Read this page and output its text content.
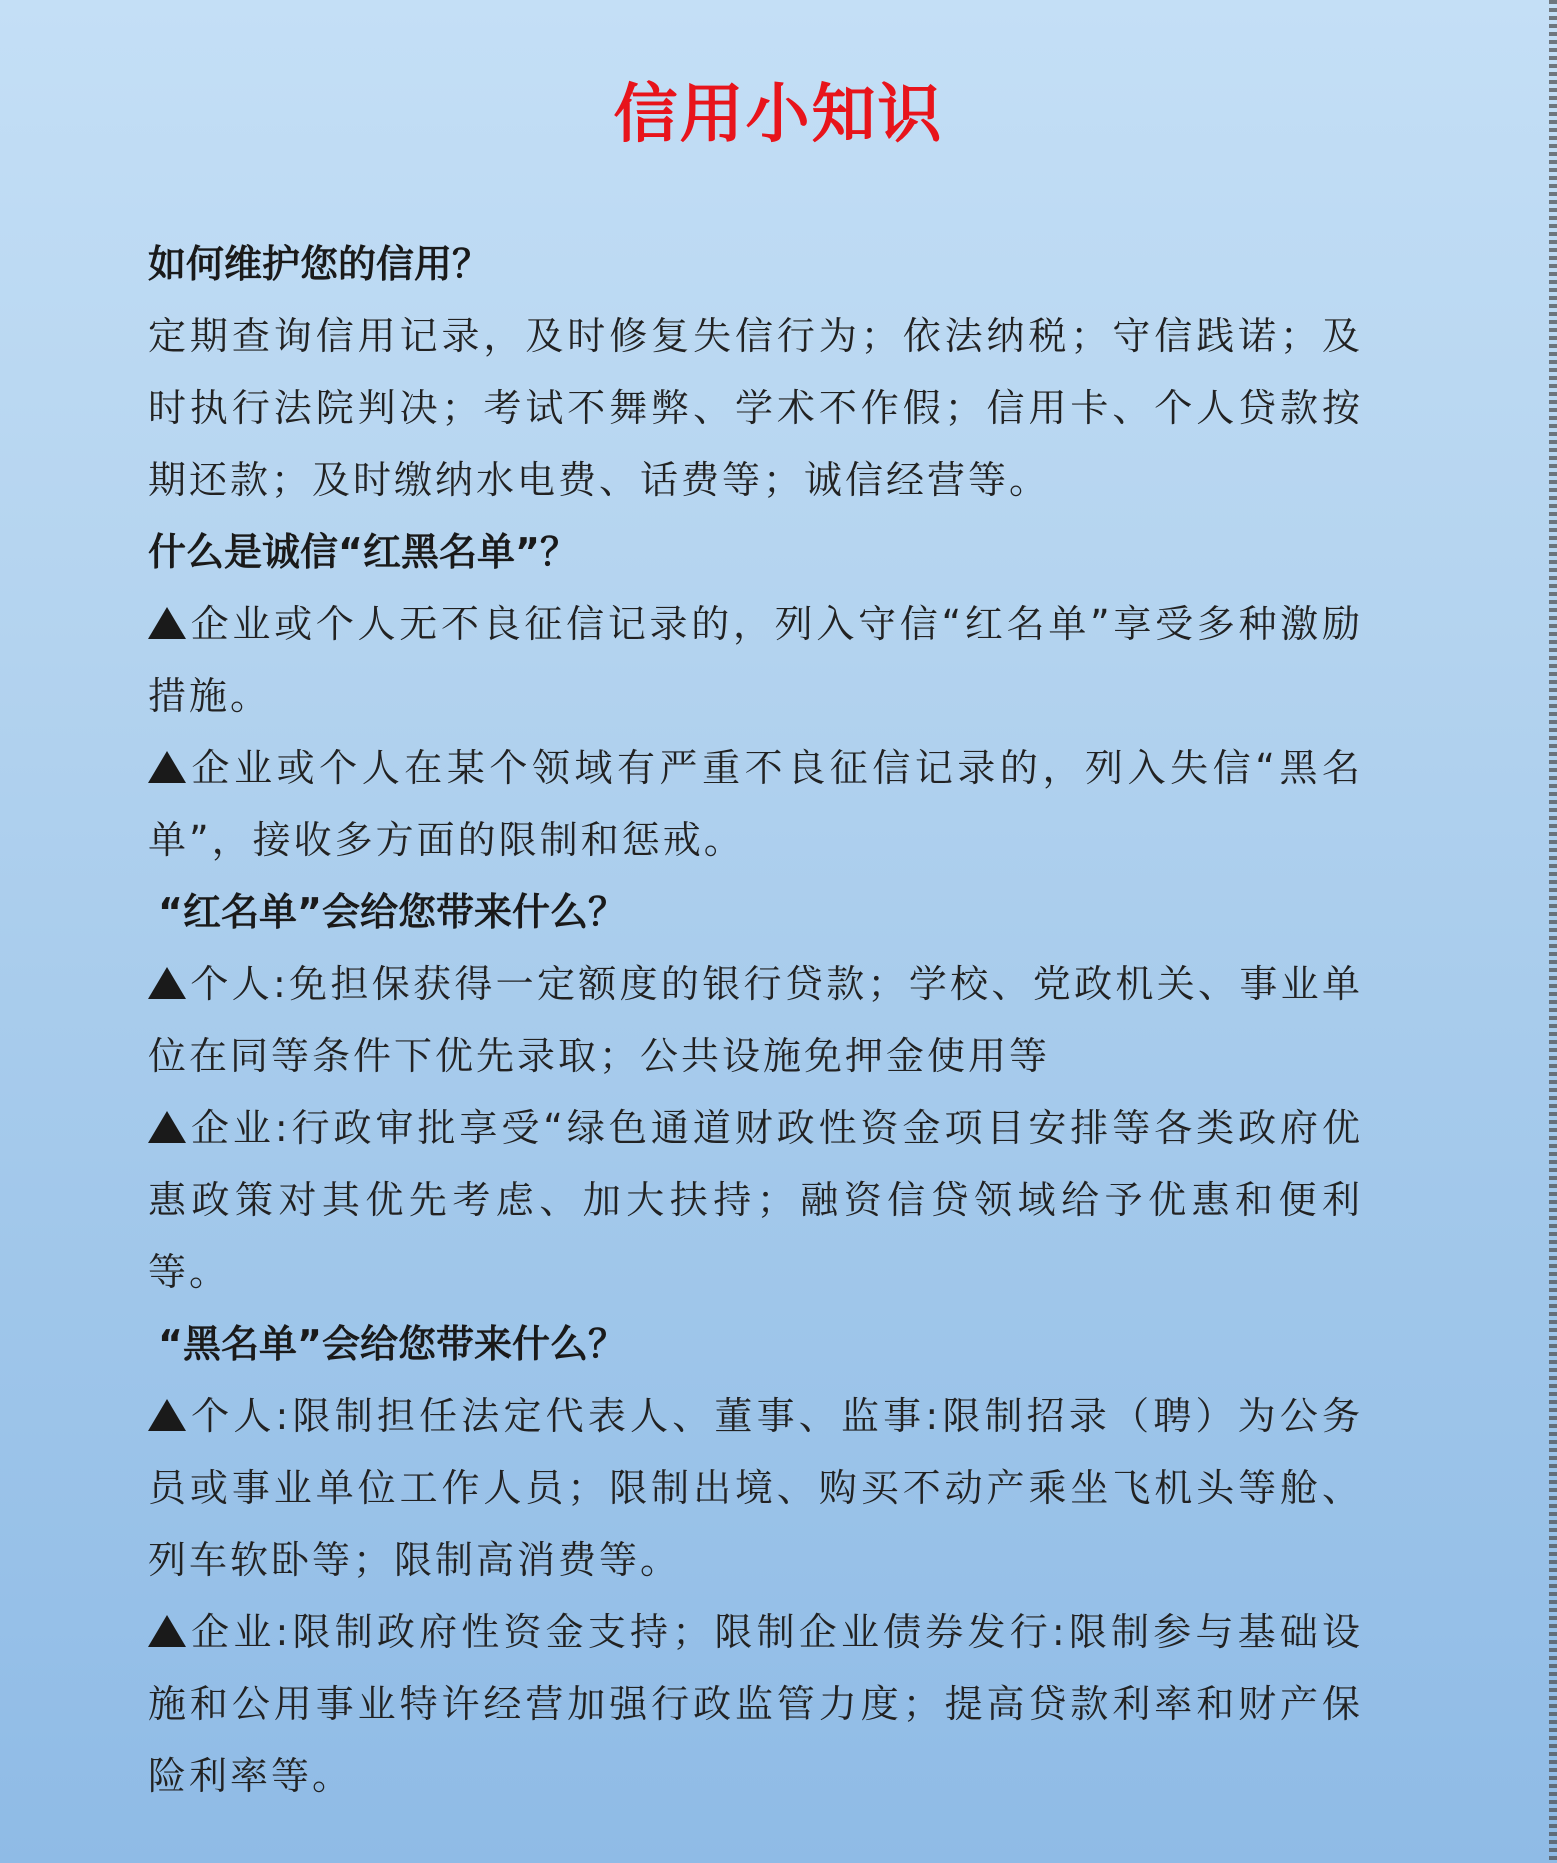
信用小知识
如何维护您的信用？
定期查询信用记录，及时修复失信行为；依法纳税；守信践诺；及时执行法院判决；考试不舞弊、学术不作假；信用卡、个人贷款按期还款；及时缴纳水电费、话费等；诚信经营等。
什么是诚信“红黑名单”？
企业或个人无不良征信记录的，列入守信“红名单”享受多种激励措施。
企业或个人在某个领域有严重不良征信记录的，列入失信“黑名单”，接收多方面的限制和惩戒。
“红名单”会给您带来什么？
个人:免担保获得一定额度的银行贷款；学校、党政机关、事业单位在同等条件下优先录取；公共设施免押金使用等
企业:行政审批享受“绿色通道财政性资金项目安排等各类政府优惠政策对其优先考虑、加大扶持；融资信贷领域给予优惠和便利等。
“黑名单”会给您带来什么？
个人:限制担任法定代表人、董事、监事:限制招录（聘）为公务员或事业单位工作人员；限制出境、购买不动产乘坐飞机头等舱、列车软卧等；限制高消费等。
企业:限制政府性资金支持；限制企业债券发行:限制参与基础设施和公用事业特许经营加强行政监管力度；提高贷款利率和财产保险利率等。
